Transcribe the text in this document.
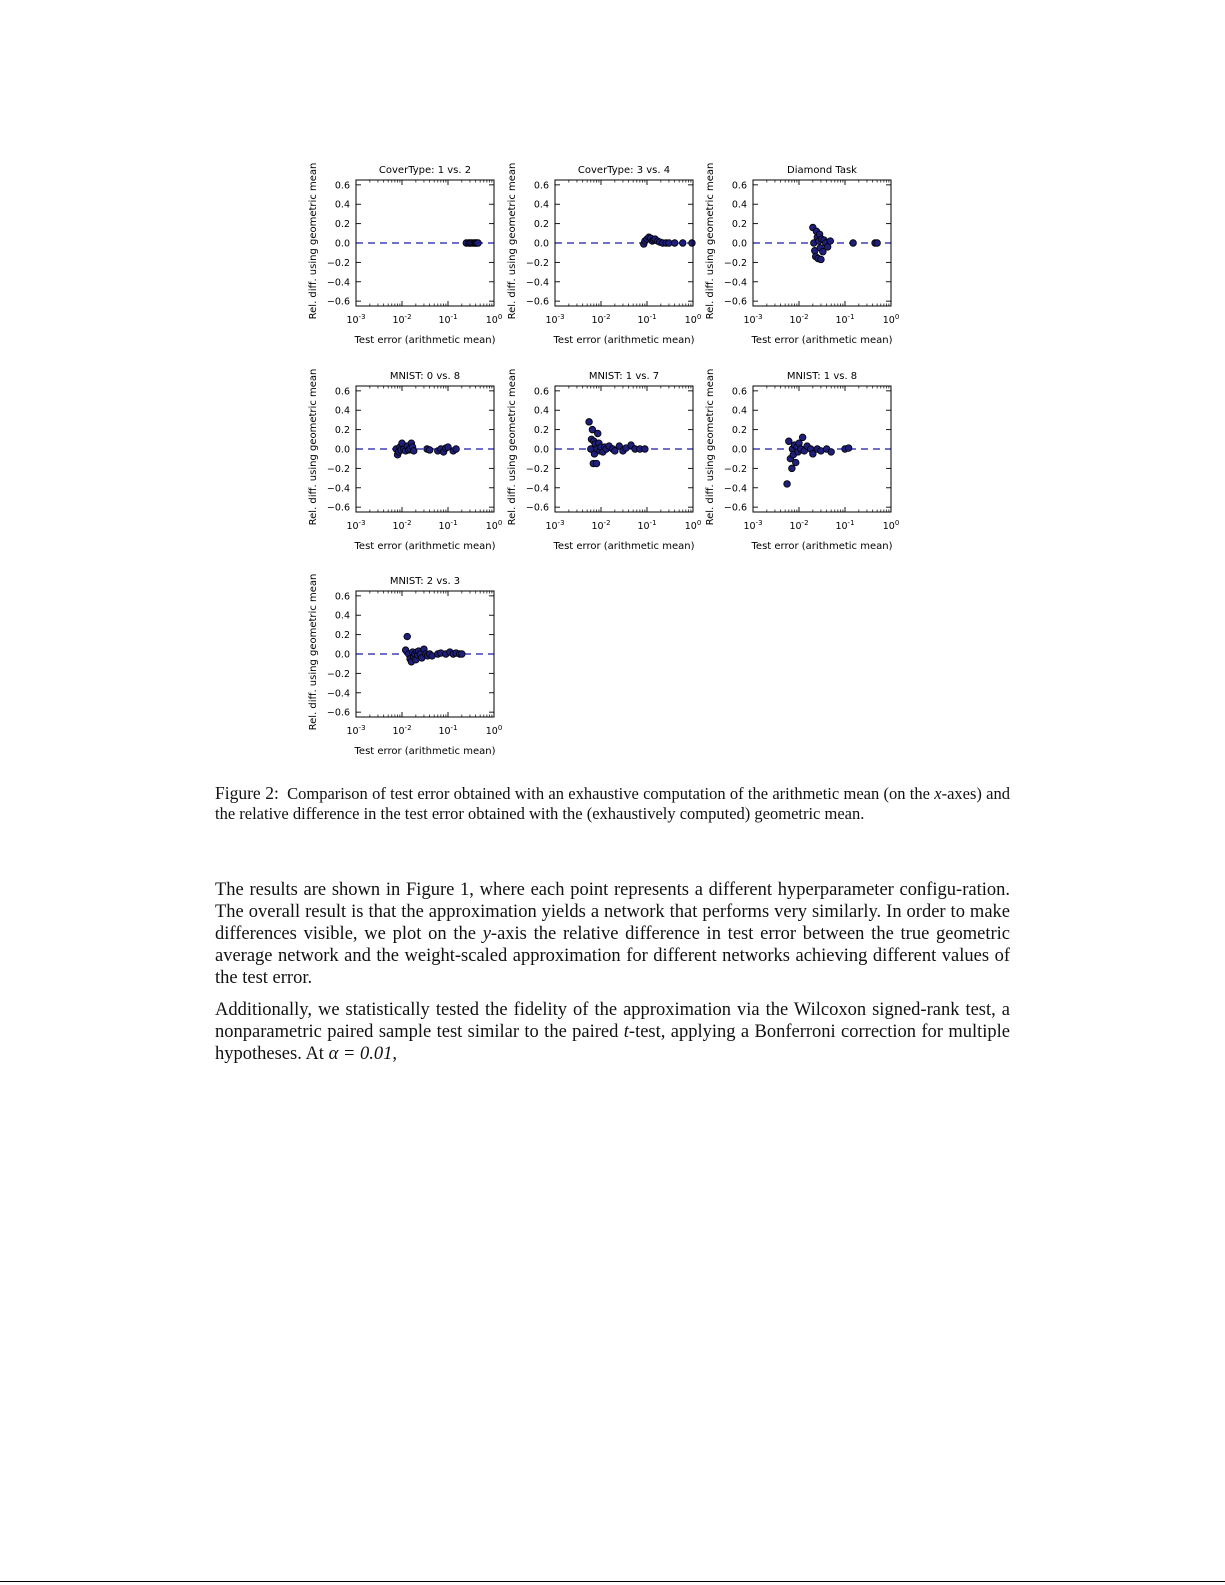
CoverType: 1 vs. 2
$10^{-3}$	$10^{-2}$	$10^{-1}$	$10^0$
0.6
0.4
0.2
0.0
−0.2
−0.4
−0.6
Test error (arithmetic mean)
Rel. diff. using geometric mean	CoverType: 3 vs. 4
$10^{-3}$	$10^{-2}$	$10^{-1}$	$10^0$
0.6
0.4
0.2
0.0
−0.2
−0.4
−0.6
Test error (arithmetic mean)
Rel. diff. using geometric mean	Diamond Task
$10^{-3}$	$10^{-2}$	$10^{-1}$	$10^0$
0.6
0.4
0.2
0.0
−0.2
−0.4
−0.6
Test error (arithmetic mean)
Rel. diff. using geometric mean
MNIST: 0 vs. 8
$10^{-3}$	$10^{-2}$	$10^{-1}$	$10^0$
0.6
0.4
0.2
0.0
−0.2
−0.4
−0.6
Test error (arithmetic mean)
Rel. diff. using geometric mean	MNIST: 1 vs. 7
$10^{-3}$	$10^{-2}$	$10^{-1}$	$10^0$
0.6
0.4
0.2
0.0
−0.2
−0.4
−0.6
Test error (arithmetic mean)
Rel. diff. using geometric mean	MNIST: 1 vs. 8
$10^{-3}$	$10^{-2}$	$10^{-1}$	$10^0$
0.6
0.4
0.2
0.0
−0.2
−0.4
−0.6
Test error (arithmetic mean)
Rel. diff. using geometric mean
MNIST: 2 vs. 3
$10^{-3}$	$10^{-2}$	$10^{-1}$	$10^0$
0.6
0.4
0.2
0.0
−0.2
−0.4
−0.6
Test error (arithmetic mean)
Rel. diff. using geometric mean
Figure 2: Comparison of test error obtained with an exhaustive computation of the arithmetic mean (on the x-axes) and the relative difference in the test error obtained with the (exhaustively computed) geometric mean.

The results are shown in Figure 1, where each point represents a different hyperparameter configu-ration. The overall result is that the approximation yields a network that performs very similarly. In order to make differences visible, we plot on the y-axis the relative difference in test error between the true geometric average network and the weight-scaled approximation for different networks achieving different values of the test error.

Additionally, we statistically tested the fidelity of the approximation via the Wilcoxon signed-rank test, a nonparametric paired sample test similar to the paired t-test, applying a Bonferroni correction for multiple hypotheses. At α = 0.01,
